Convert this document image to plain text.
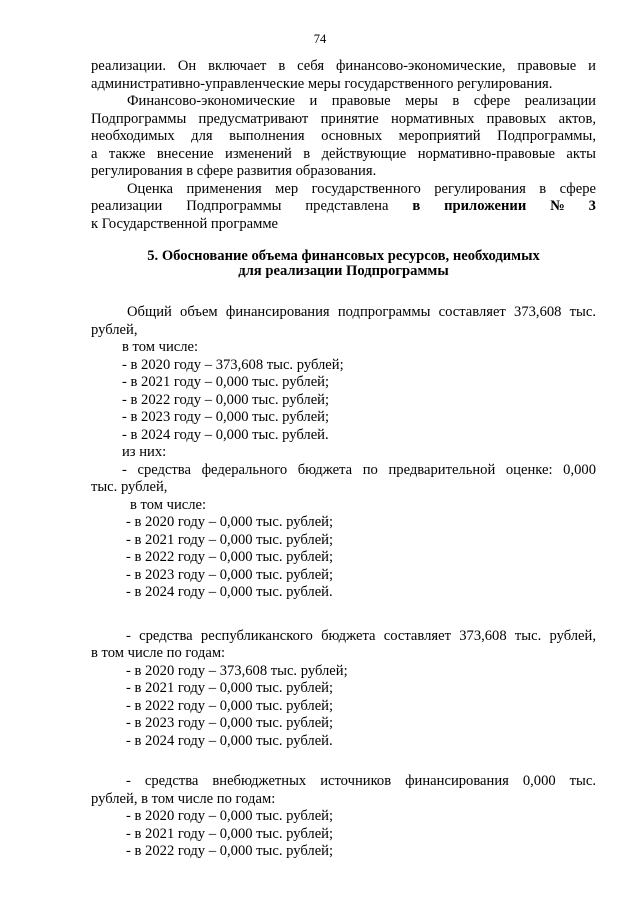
74

реализации. Он включает в себя финансово-экономические, правовые и

административно-управленческие меры государственного регулирования.

Финансово-экономические и правовые меры в сфере реализации

Подпрограммы предусматривают принятие нормативных правовых актов,

необходимых для выполнения основных мероприятий Подпрограммы,

а также внесение изменений в действующие нормативно-правовые акты

регулирования в сфере развития образования.

Оценка применения мер государственного регулирования в сфере

реализации Подпрограммы представлена в приложении № 3

к Государственной программе

5. Обоснование объема финансовых ресурсов, необходимых
для реализации Подпрограммы

Общий объем финансирования подпрограммы составляет 373,608 тыс.

рублей,

в том числе:

- в 2020 году – 373,608 тыс. рублей;

- в 2021 году – 0,000 тыс. рублей;

- в 2022 году – 0,000 тыс. рублей;

- в 2023 году – 0,000 тыс. рублей;

- в 2024 году – 0,000 тыс. рублей.

из них:

- средства федерального бюджета по предварительной оценке: 0,000

тыс. рублей,

в том числе:

- в 2020 году – 0,000 тыс. рублей;

- в 2021 году – 0,000 тыс. рублей;

- в 2022 году – 0,000 тыс. рублей;

- в 2023 году – 0,000 тыс. рублей;

- в 2024 году – 0,000 тыс. рублей.

- средства республиканского бюджета составляет 373,608 тыс. рублей,

в том числе по годам:

- в 2020 году – 373,608 тыс. рублей;

- в 2021 году – 0,000 тыс. рублей;

- в 2022 году – 0,000 тыс. рублей;

- в 2023 году – 0,000 тыс. рублей;

- в 2024 году – 0,000 тыс. рублей.

- средства внебюджетных источников финансирования 0,000 тыс.

рублей, в том числе по годам:

- в 2020 году – 0,000 тыс. рублей;

- в 2021 году – 0,000 тыс. рублей;

- в 2022 году – 0,000 тыс. рублей;
